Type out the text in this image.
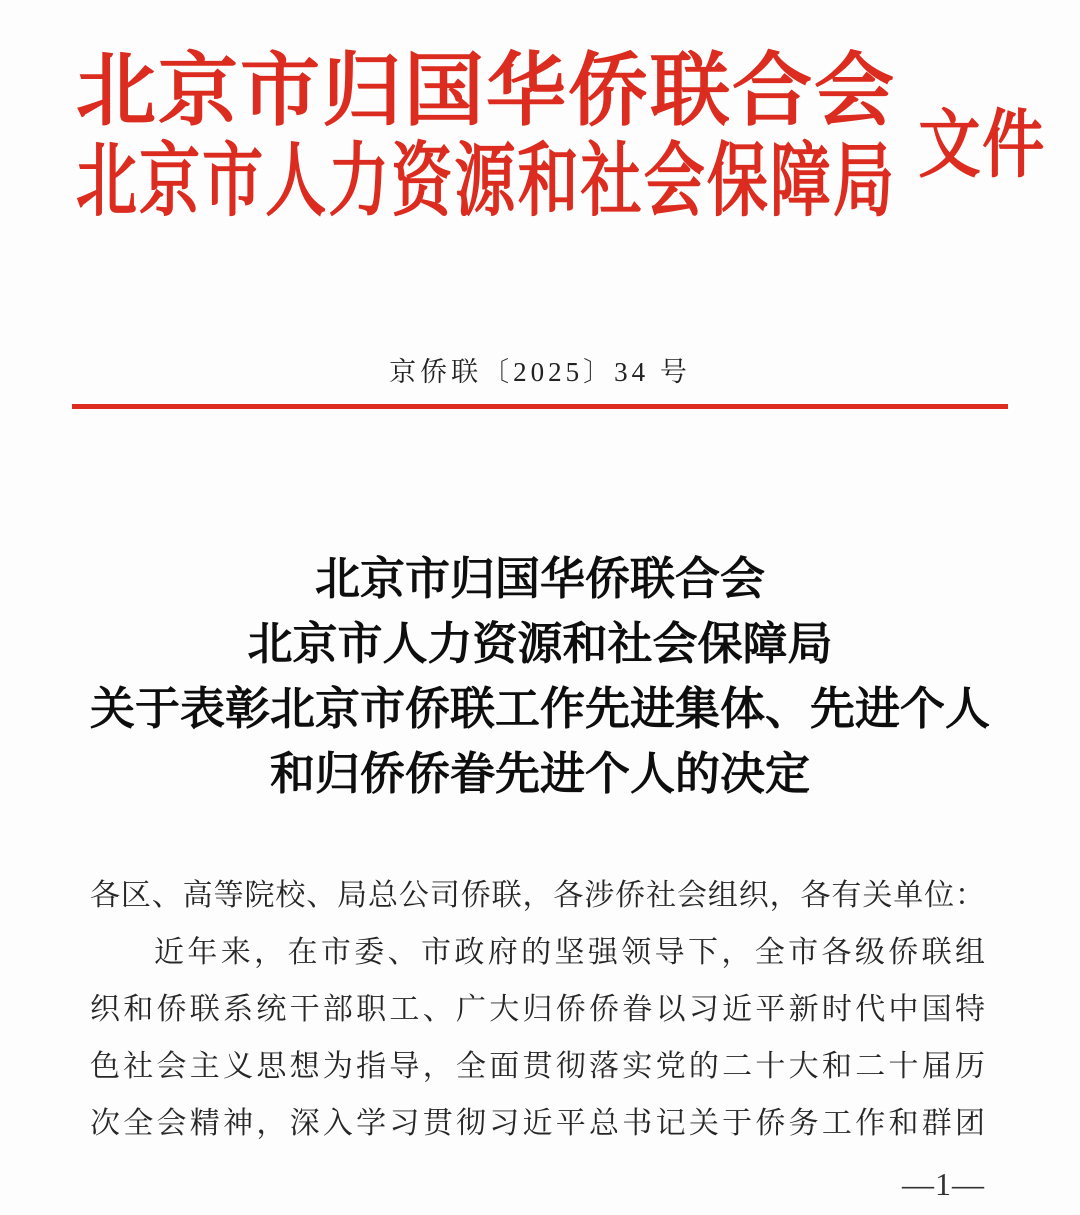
北京市归国华侨联合会
北京市人力资源和社会保障局 文件
京侨联〔2025〕34 号
北京市归国华侨联合会
北京市人力资源和社会保障局
关于表彰北京市侨联工作先进集体、先进个人
和归侨侨眷先进个人的决定
各区、高等院校、局总公司侨联，各涉侨社会组织，各有关单位：
近年来，在市委、市政府的坚强领导下，全市各级侨联组
织和侨联系统干部职工、广大归侨侨眷以习近平新时代中国特
色社会主义思想为指导，全面贯彻落实党的二十大和二十届历
次全会精神，深入学习贯彻习近平总书记关于侨务工作和群团
—1—
